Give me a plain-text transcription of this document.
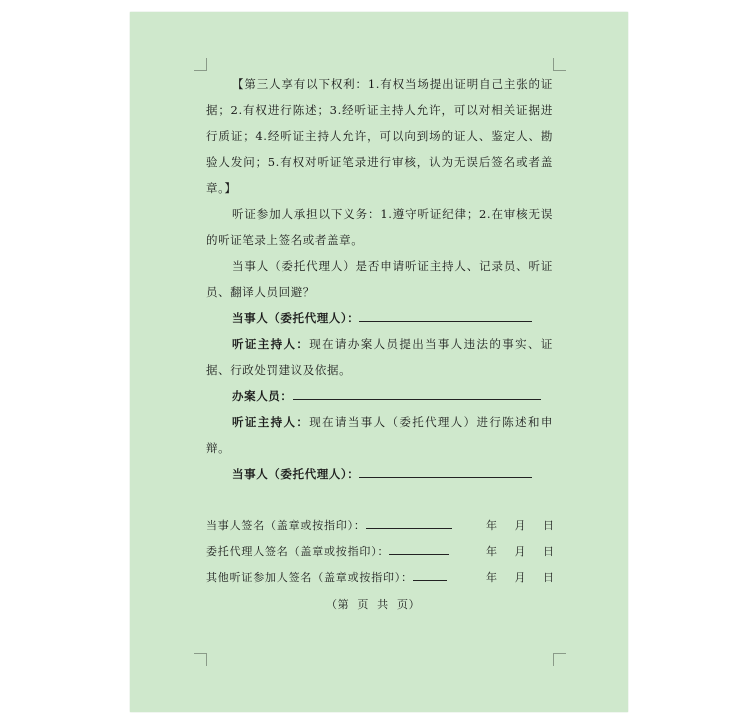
【第三人享有以下权利：1.有权当场提出证明自己主张的证据；2.有权进行陈述；3.经听证主持人允许，可以对相关证据进行质证；4.经听证主持人允许，可以向到场的证人、鉴定人、勘验人发问；5.有权对听证笔录进行审核，认为无误后签名或者盖章。】
听证参加人承担以下义务：1.遵守听证纪律；2.在审核无误的听证笔录上签名或者盖章。
当事人（委托代理人）是否申请听证主持人、记录员、听证员、翻译人员回避？
当事人（委托代理人）：
听证主持人：现在请办案人员提出当事人违法的事实、证据、行政处罚建议及依据。
办案人员：
听证主持人：现在请当事人（委托代理人）进行陈述和申辩。
当事人（委托代理人）：
当事人签名（盖章或按指印）：	年 月 日
委托代理人签名（盖章或按指印）：	年 月 日
其他听证参加人签名（盖章或按指印）：	年 月 日
（第  页  共  页）
